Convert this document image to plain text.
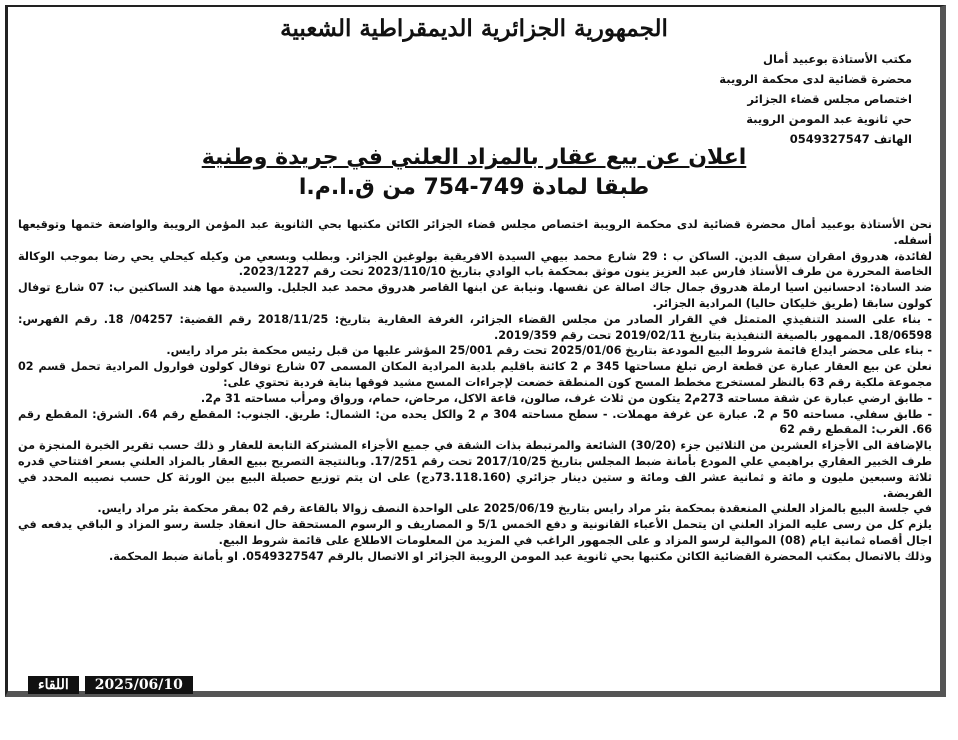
الجمهورية الجزائرية الديمقراطية الشعبية
مكتب الأستاذة بوعبيد أمال
محضرة قضائية لدى محكمة الرويبة
اختصاص مجلس قضاء الجزائر
حي ثانوية عبد المومن الرويبة
الهاتف 0549327547
اعلان عن بيع عقار بالمزاد العلني في جريدة وطنية
طبقا لمادة 749-754 من ق.ا.م.ا

نحن الأستاذة بوعبيد أمال محضرة قضائية لدى محكمة الرويبة اختصاص مجلس قضاء الجزائر الكائن مكتبها بحي الثانوية عبد المؤمن الرويبة والواضعة ختمها وتوقيعها أسفله.

لفائدة، هدروق امقران سيف الدين. الساكن ب : 29 شارع محمد بيهي السيدة الافريقية بولوغين الجزائر. وبطلب وبسعي من وكيله كيحلي يحي رضا بموجب الوكالة الخاصة المحررة من طرف الأستاذ فارس عبد العزيز ينون موثق بمحكمة باب الوادي بتاريخ 2023/110/10 تحت رقم 2023/1227.

ضد السادة: ادحسانين اسيا ارملة هدروق جمال جاك اصالة عن نفسها. ونيابة عن ابنها القاصر هدروق محمد عبد الجليل. والسيدة مها هند الساكنين ب: 07 شارع توفال كولون سابقا (طريق خليكان حاليا) المرادية الجزائر.

- بناء على السند التنفيذي المتمثل في القرار الصادر من مجلس القضاء الجزائر، الغرفة العقارية بتاريخ: 2018/11/25 رقم القضية: 04257/ 18. رقم الفهرس: 18/06598. الممهور بالصيغة التنفيذية بتاريخ 2019/02/11 تحت رقم 2019/359.

- بناء على محضر ايداع قائمة شروط البيع المودعة بتاريخ 2025/01/06 تحت رقم 25/001 المؤشر عليها من قبل رئيس محكمة بئر مراد رايس.

نعلن عن بيع العقار عبارة عن قطعة ارض تبلغ مساحتها 345 م 2 كائنة باقليم بلدية المرادية المكان المسمى 07 شارع توفال كولون فوارول المرادية تحمل قسم 02 مجموعة ملكية رقم 63 بالنظر لمستخرج مخطط المسح كون المنطقة خضعت لإجراءات المسح مشيد فوقها بناية فردية تحتوي على:

- طابق ارضي عبارة عن شقة مساحته 273م2 يتكون من ثلاث غرف، صالون، قاعة الاكل، مرحاض، حمام، ورواق ومرأب مساحته 31 م2.

- طابق سفلي. مساحته 50 م 2. عبارة عن غرفة مهملات. - سطح مساحته 304 م 2 والكل يحده من: الشمال: طريق. الجنوب: المقطع رقم 64. الشرق: المقطع رقم 66. الغرب: المقطع رقم 62

بالإضافة الى الأجزاء العشرين من الثلاثين جزء (30/20) الشائعة والمرتبطة بذات الشقة في جميع الأجزاء المشتركة التابعة للعقار و ذلك حسب تقرير الخبرة المنجزة من طرف الخبير العقاري براهيمي علي المودع بأمانة ضبط المجلس بتاريخ 2017/10/25 تحت رقم 17/251. وبالنتيجة التصريح ببيع العقار بالمزاد العلني بسعر افتتاحي قدره ثلاثة وسبعين مليون و مائة و ثمانية عشر الف ومائة و ستين دينار جزائري (73.118.160دج) على ان يتم توزيع حصيلة البيع بين الورثة كل حسب نصيبه المحدد في الفريضة.

في جلسة البيع بالمزاد العلني المنعقدة بمحكمة بئر مراد رايس بتاريخ 2025/06/19 على الواحدة النصف زوالا بالقاعة رقم 02 بمقر محكمة بئر مراد رايس.

يلزم كل من رسى عليه المزاد العلني ان يتحمل الأعباء القانونية و دفع الخمس 5/1 و المصاريف و الرسوم المستحقة حال انعقاد جلسة رسو المزاد و الباقي يدفعه في اجال أقصاه ثمانية ايام (08) الموالية لرسو المزاد و على الجمهور الراغب في المزيد من المعلومات الاطلاع على قائمة شروط البيع.

وذلك بالاتصال بمكتب المحضرة القضائية الكائن مكتبها بحي ثانوية عبد المومن الرويبة الجزائر او الاتصال بالرقم 0549327547. او بأمانة ضبط المحكمة.

اللقاء	2025/06/10
